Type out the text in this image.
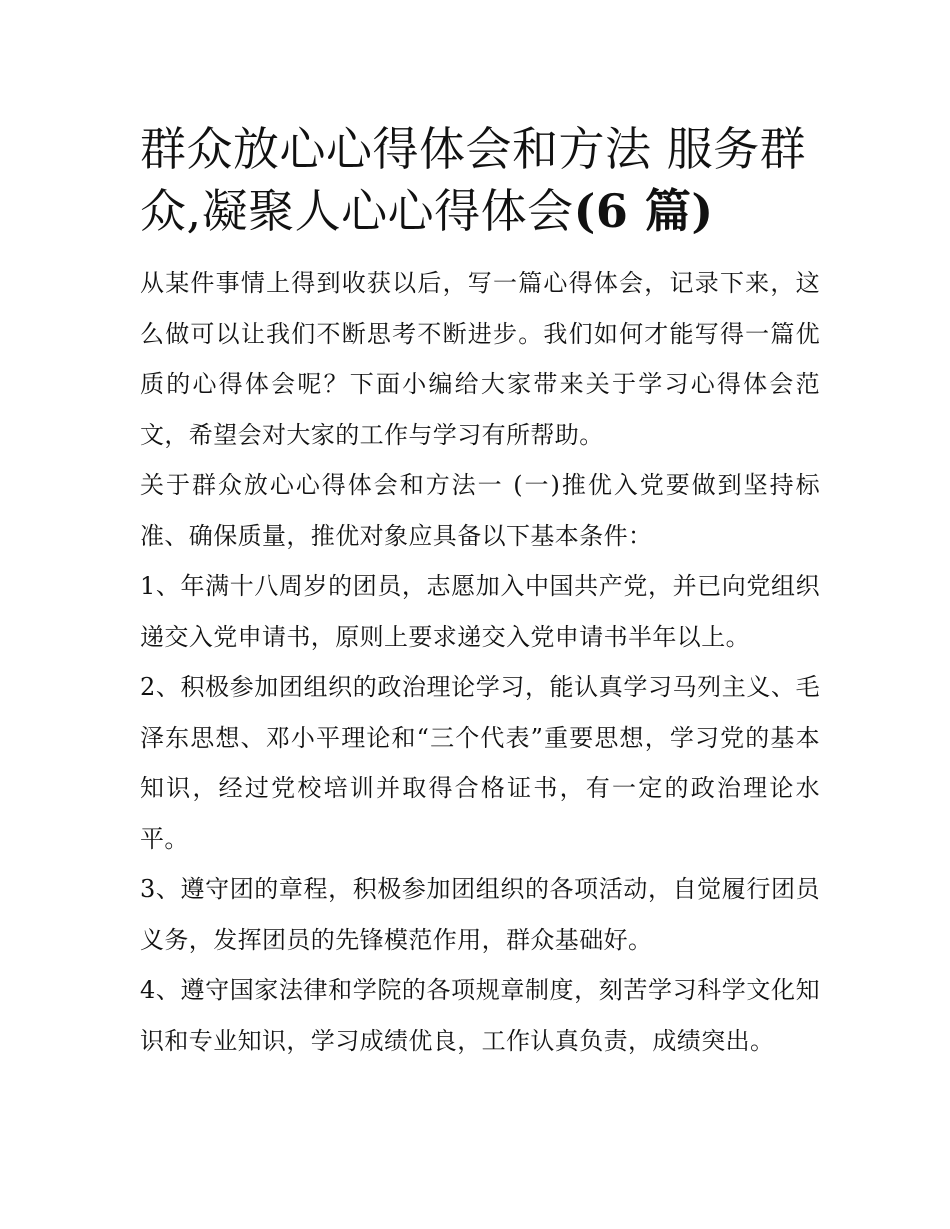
群众放心心得体会和方法 服务群众,凝聚人心心得体会(6 篇)

从某件事情上得到收获以后，写一篇心得体会，记录下来，这么做可以让我们不断思考不断进步。我们如何才能写得一篇优质的心得体会呢？下面小编给大家带来关于学习心得体会范文，希望会对大家的工作与学习有所帮助。

关于群众放心心得体会和方法一 (一)推优入党要做到坚持标准、确保质量，推优对象应具备以下基本条件：

1、年满十八周岁的团员，志愿加入中国共产党，并已向党组织递交入党申请书，原则上要求递交入党申请书半年以上。

2、积极参加团组织的政治理论学习，能认真学习马列主义、毛泽东思想、邓小平理论和“三个代表”重要思想，学习党的基本知识，经过党校培训并取得合格证书，有一定的政治理论水平。

3、遵守团的章程，积极参加团组织的各项活动，自觉履行团员义务，发挥团员的先锋模范作用，群众基础好。

4、遵守国家法律和学院的各项规章制度，刻苦学习科学文化知识和专业知识，学习成绩优良，工作认真负责，成绩突出。
